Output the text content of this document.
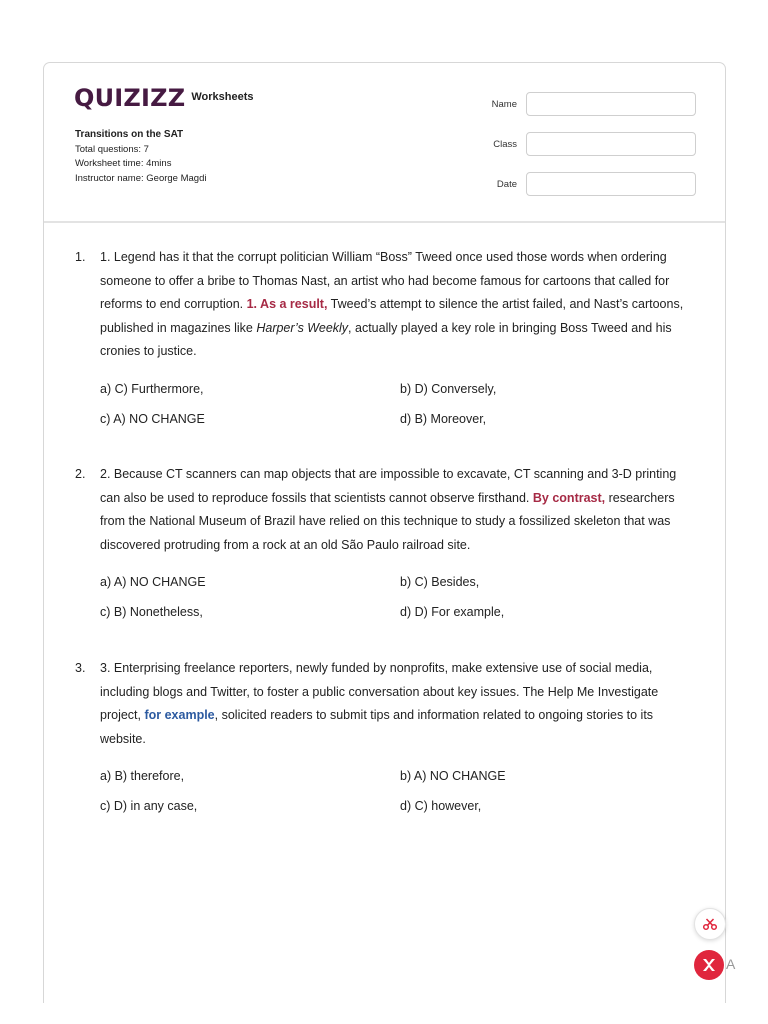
QUIZIZZ Worksheets
Transitions on the SAT
Total questions: 7
Worksheet time: 4mins
Instructor name: George Magdi
Name
Class
Date
1. 1. Legend has it that the corrupt politician William “Boss” Tweed once used those words when ordering someone to offer a bribe to Thomas Nast, an artist who had become famous for cartoons that called for reforms to end corruption. 1. As a result, Tweed’s attempt to silence the artist failed, and Nast’s cartoons, published in magazines like Harper’s Weekly, actually played a key role in bringing Boss Tweed and his cronies to justice.
a) C) Furthermore,	b) D) Conversely,
c) A) NO CHANGE	d) B) Moreover,
2. 2. Because CT scanners can map objects that are impossible to excavate, CT scanning and 3-D printing can also be used to reproduce fossils that scientists cannot observe firsthand. By contrast, researchers from the National Museum of Brazil have relied on this technique to study a fossilized skeleton that was discovered protruding from a rock at an old São Paulo railroad site.
a) A) NO CHANGE	b) C) Besides,
c) B) Nonetheless,	d) D) For example,
3. 3. Enterprising freelance reporters, newly funded by nonprofits, make extensive use of social media, including blogs and Twitter, to foster a public conversation about key issues. The Help Me Investigate project, for example, solicited readers to submit tips and information related to ongoing stories to its website.
a) B) therefore,	b) A) NO CHANGE
c) D) in any case,	d) C) however,
A
